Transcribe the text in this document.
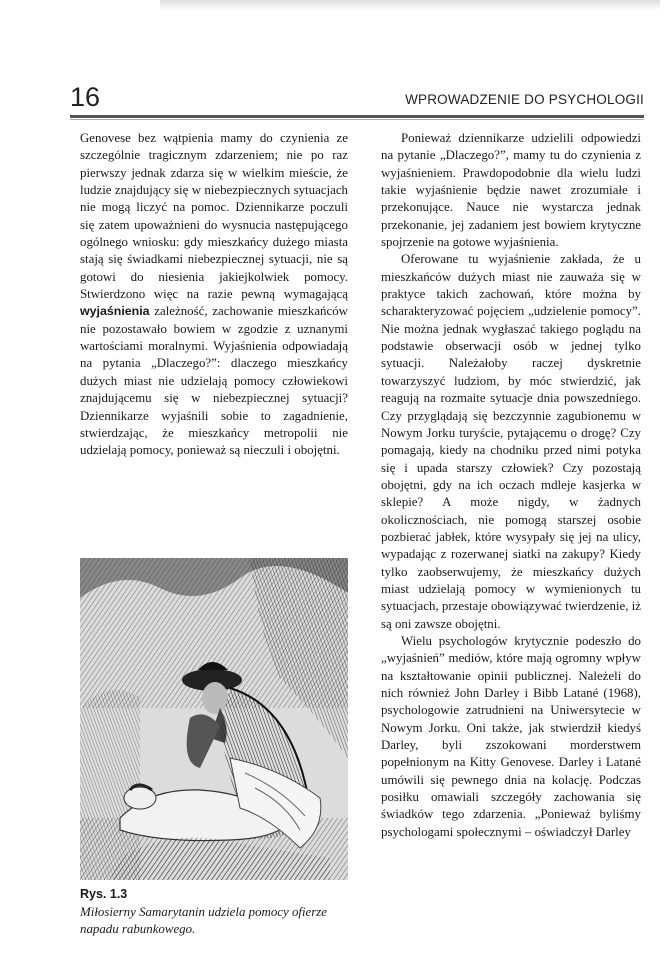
16	WPROWADZENIE DO PSYCHOLOGII

Genovese bez wątpienia mamy do czynienia ze szczególnie tragicznym zdarzeniem; nie po raz pierwszy jednak zdarza się w wielkim mieście, że ludzie znajdujący się w niebezpiecznych sytuacjach nie mogą liczyć na pomoc. Dziennikarze poczuli się zatem upoważnieni do wysnucia następującego ogólnego wniosku: gdy mieszkańcy dużego miasta stają się świadkami niebezpiecznej sytuacji, nie są gotowi do niesienia jakiejkolwiek pomocy. Stwierdzono więc na razie pewną wymagającą wyjaśnienia zależność, zachowanie mieszkańców nie pozostawało bowiem w zgodzie z uznanymi wartościami moralnymi. Wyjaśnienia odpowiadają na pytania „Dlaczego?”: dlaczego mieszkańcy dużych miast nie udzielają pomocy człowiekowi znajdującemu się w niebezpiecznej sytuacji? Dziennikarze wyjaśnili sobie to zagadnienie, stwierdzając, że mieszkańcy metropolii nie udzielają pomocy, ponieważ są nieczuli i obojętni.

Rys. 1.3
Miłosierny Samarytanin udziela pomocy ofierze napadu rabunkowego.

Ponieważ dziennikarze udzielili odpowiedzi na pytanie „Dlaczego?”, mamy tu do czynienia z wyjaśnieniem. Prawdopodobnie dla wielu ludzi takie wyjaśnienie będzie nawet zrozumiałe i przekonujące. Nauce nie wystarcza jednak przekonanie, jej zadaniem jest bowiem krytyczne spojrzenie na gotowe wyjaśnienia.

Oferowane tu wyjaśnienie zakłada, że u mieszkańców dużych miast nie zauważa się w praktyce takich zachowań, które można by scharakteryzować pojęciem „udzielenie pomocy”. Nie można jednak wygłaszać takiego poglądu na podstawie obserwacji osób w jednej tylko sytuacji. Należałoby raczej dyskretnie towarzyszyć ludziom, by móc stwierdzić, jak reagują na rozmaite sytuacje dnia powszedniego. Czy przyglądają się bezczynnie zagubionemu w Nowym Jorku turyście, pytającemu o drogę? Czy pomagają, kiedy na chodniku przed nimi potyka się i upada starszy człowiek? Czy pozostają obojętni, gdy na ich oczach mdleje kasjerka w sklepie? A może nigdy, w żadnych okolicznościach, nie pomogą starszej osobie pozbierać jabłek, które wysypały się jej na ulicy, wypadając z rozerwanej siatki na zakupy? Kiedy tylko zaobserwujemy, że mieszkańcy dużych miast udzielają pomocy w wymienionych tu sytuacjach, przestaje obowiązywać twierdzenie, iż są oni zawsze obojętni.

Wielu psychologów krytycznie podeszło do „wyjaśnień” mediów, które mają ogromny wpływ na kształtowanie opinii publicznej. Należeli do nich również John Darley i Bibb Latané (1968), psychologowie zatrudnieni na Uniwersytecie w Nowym Jorku. Oni także, jak stwierdził kiedyś Darley, byli zszokowani morderstwem popełnionym na Kitty Genovese. Darley i Latané umówili się pewnego dnia na kolację. Podczas posiłku omawiali szczegóły zachowania się świadków tego zdarzenia. „Ponieważ byliśmy psychologami społecznymi – oświadczył Darley
